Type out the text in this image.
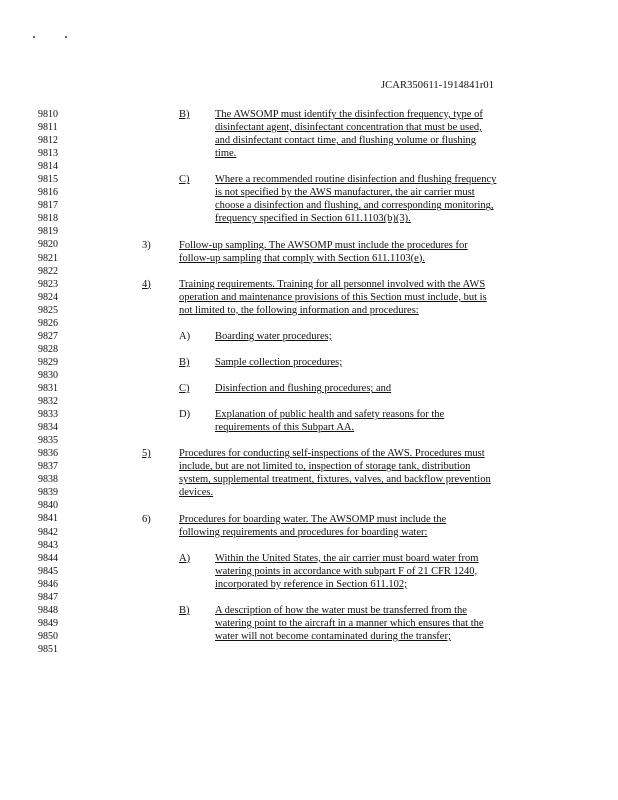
JCAR350611-1914841r01
9810
9811
9812
9813
9814
9815
9816
9817
9818
9819
9820
9821
9822
9823
9824
9825
9826
9827
9828
9829
9830
9831
9832
9833
9834
9835
9836
9837
9838
9839
9840
9841
9842
9843
9844
9845
9846
9847
9848
9849
9850
9851
B) The AWSOMP must identify the disinfection frequency, type of
disinfectant agent, disinfectant concentration that must be used,
and disinfectant contact time, and flushing volume or flushing
time.
C) Where a recommended routine disinfection and flushing frequency
is not specified by the AWS manufacturer, the air carrier must
choose a disinfection and flushing, and corresponding monitoring,
frequency specified in Section 611.1103(b)(3).
3)	Follow-up sampling. The AWSOMP must include the procedures for
follow-up sampling that comply with Section 611.1103(e).
4)	Training requirements. Training for all personnel involved with the AWS
operation and maintenance provisions of this Section must include, but is
not limited to, the following information and procedures:
A) Boarding water procedures;
B) Sample collection procedures;
C) Disinfection and flushing procedures; and
D) Explanation of public health and safety reasons for the
requirements of this Subpart AA.
5)	Procedures for conducting self-inspections of the AWS. Procedures must
include, but are not limited to, inspection of storage tank, distribution
system, supplemental treatment, fixtures, valves, and backflow prevention
devices.
6)	Procedures for boarding water. The AWSOMP must include the
following requirements and procedures for boarding water:
A) Within the United States, the air carrier must board water from
watering points in accordance with subpart F of 21 CFR 1240,
incorporated by reference in Section 611.102;
B) A description of how the water must be transferred from the
watering point to the aircraft in a manner which ensures that the
water will not become contaminated during the transfer;
